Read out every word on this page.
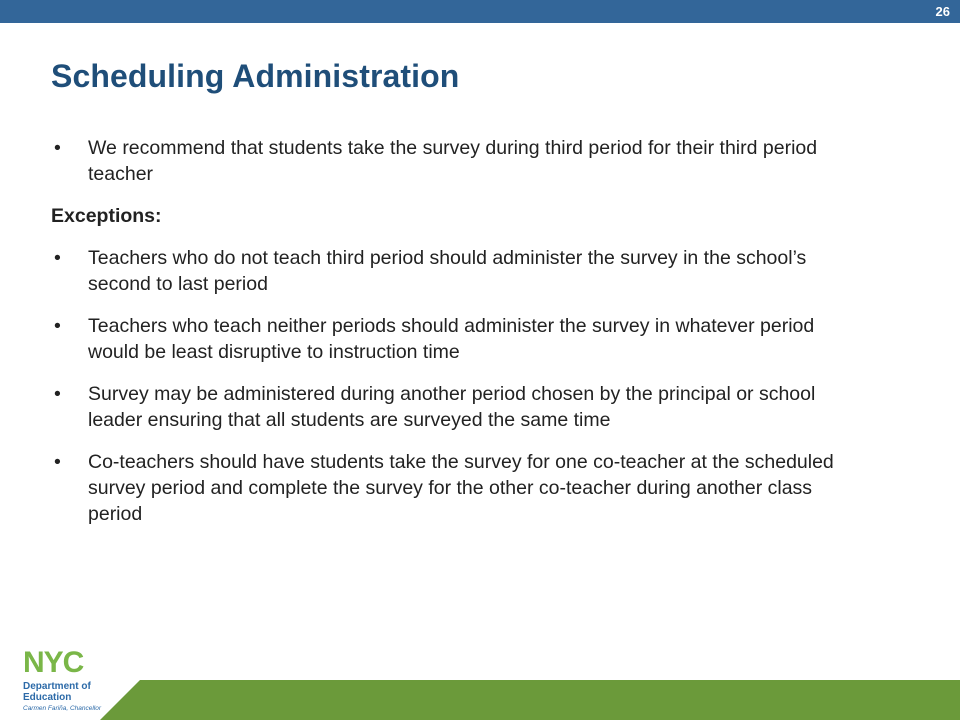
26
Scheduling Administration
• We recommend that students take the survey during third period for their third period teacher
Exceptions:
• Teachers who do not teach third period should administer the survey in the school’s second to last period
• Teachers who teach neither periods should administer the survey in whatever period would be least disruptive to instruction time
• Survey may be administered during another period chosen by the principal or school leader ensuring that all students are surveyed the same time
• Co-teachers should have students take the survey for one co-teacher at the scheduled survey period and complete the survey for the other co-teacher during another class period
NYC
Department of
Education
Carmen Fariña, Chancellor
